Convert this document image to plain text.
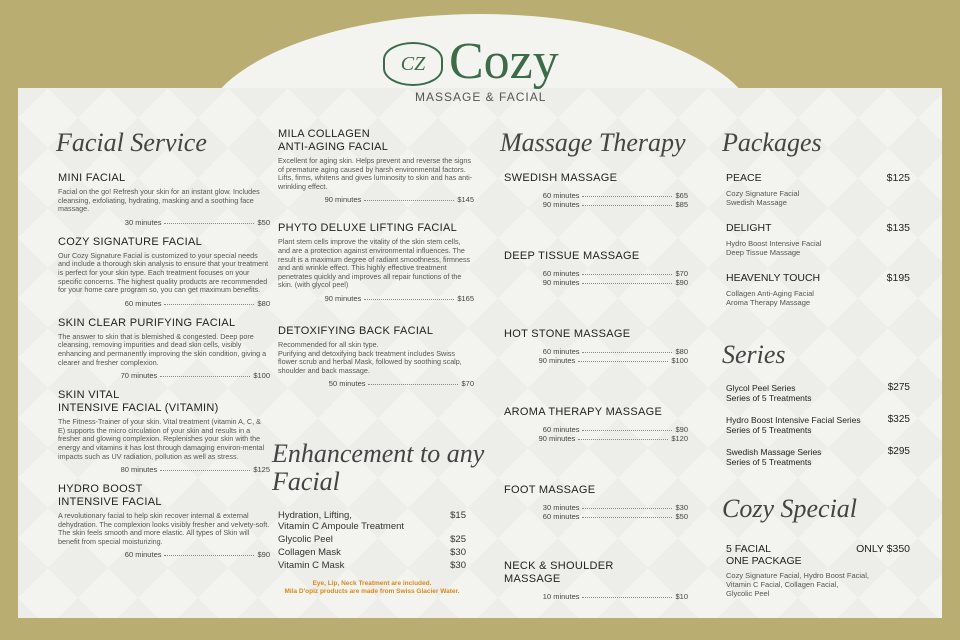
CZ Cozy
MASSAGE & FACIAL
Facial Service
MINI FACIAL
Facial on the go! Refresh your skin for an instant glow. Includes cleansing, exfoliating, hydrating, masking and a soothing face massage.
30 minutes	$50
COZY SIGNATURE FACIAL
Our Cozy Signature Facial is customized to your special needs and include a thorough skin analysis to ensure that your treatment is perfect for your skin type. Each treatment focuses on your specific concerns. The highest quality products are recommended for your home care program so, you can get maximum benefits.
60 minutes	$80
SKIN CLEAR PURIFYING FACIAL
The answer to skin that is blemished & congested. Deep pore cleansing, removing impurities and dead skin cells, visibly enhancing and permanently improving the skin condition, giving a clearer and fresher complexion.
70 minutes	$100
SKIN VITAL
INTENSIVE FACIAL (VITAMIN)
The Fitness-Trainer of your skin. Vital treatment (vitamin A, C, & E) supports the micro circulation of your skin and results in a fresher and glowing complexion. Replenishes your skin with the energy and vitamins it has lost through damaging environ-mental impacts such as UV radiation, pollution as well as stress.
80 minutes	$125
HYDRO BOOST
INTENSIVE FACIAL
A revolutionary facial to help skin recover internal & external dehydration. The complexion looks visibly fresher and velvety-soft. The skin feels smooth and more elastic. All types of Skin will benefit from special moisturizing.
60 minutes	$90
MILA COLLAGEN
ANTI-AGING FACIAL
Excellent for aging skin. Helps prevent and reverse the signs of premature aging caused by harsh environmental factors. Lifts, firms, whitens and gives luminosity to skin and has anti-wrinkling effect.
90 minutes	$145
PHYTO DELUXE LIFTING FACIAL
Plant stem cells improve the vitality of the skin stem cells, and are a protection against environmental influences. The result is a maximum degree of radiant smoothness, firmness and anti wrinkle effect. This highly effective treatment penetrates quickly and improves all repair functions of the skin. (with glycol peel)
90 minutes	$165
DETOXIFYING BACK FACIAL
Recommended for all skin type.
Purifying and detoxifying back treatment includes Swiss flower scrub and herbal Mask, followed by soothing scalp, shoulder and back massage.
50 minutes	$70
Enhancement to any
Facial
Hydration, Lifting,
Vitamin C Ampoule Treatment
$15
Glycolic Peel	$25
Collagen Mask	$30
Vitamin C Mask	$30
Eye, Lip, Neck Treatment are included.
Mila D'opiz products are made from Swiss Glacier Water.
Massage Therapy
SWEDISH MASSAGE
60 minutes	$65
90 minutes	$85
DEEP TISSUE MASSAGE
60 minutes	$70
90 minutes	$90
HOT STONE MASSAGE
60 minutes	$80
90 minutes	$100
AROMA THERAPY MASSAGE
60 minutes	$90
90 minutes	$120
FOOT MASSAGE
30 minutes	$30
60 minutes	$50
NECK & SHOULDER
MASSAGE
10 minutes	$10
Packages
PEACE	$125
Cozy Signature Facial
Swedish Massage
DELIGHT	$135
Hydro Boost Intensive Facial
Deep Tissue Massage
HEAVENLY TOUCH	$195
Collagen Anti-Aging Facial
Aroma Therapy Massage
Series
Glycol Peel Series
Series of 5 Treatments
$275
Hydro Boost Intensive Facial Series
Series of 5 Treatments
$325
Swedish Massage Series
Series of 5 Treatments
$295
Cozy Special
5 FACIAL
ONE PACKAGE
ONLY $350
Cozy Signature Facial, Hydro Boost Facial,
Vitamin C Facial, Collagen Facial,
Glycolic Peel
